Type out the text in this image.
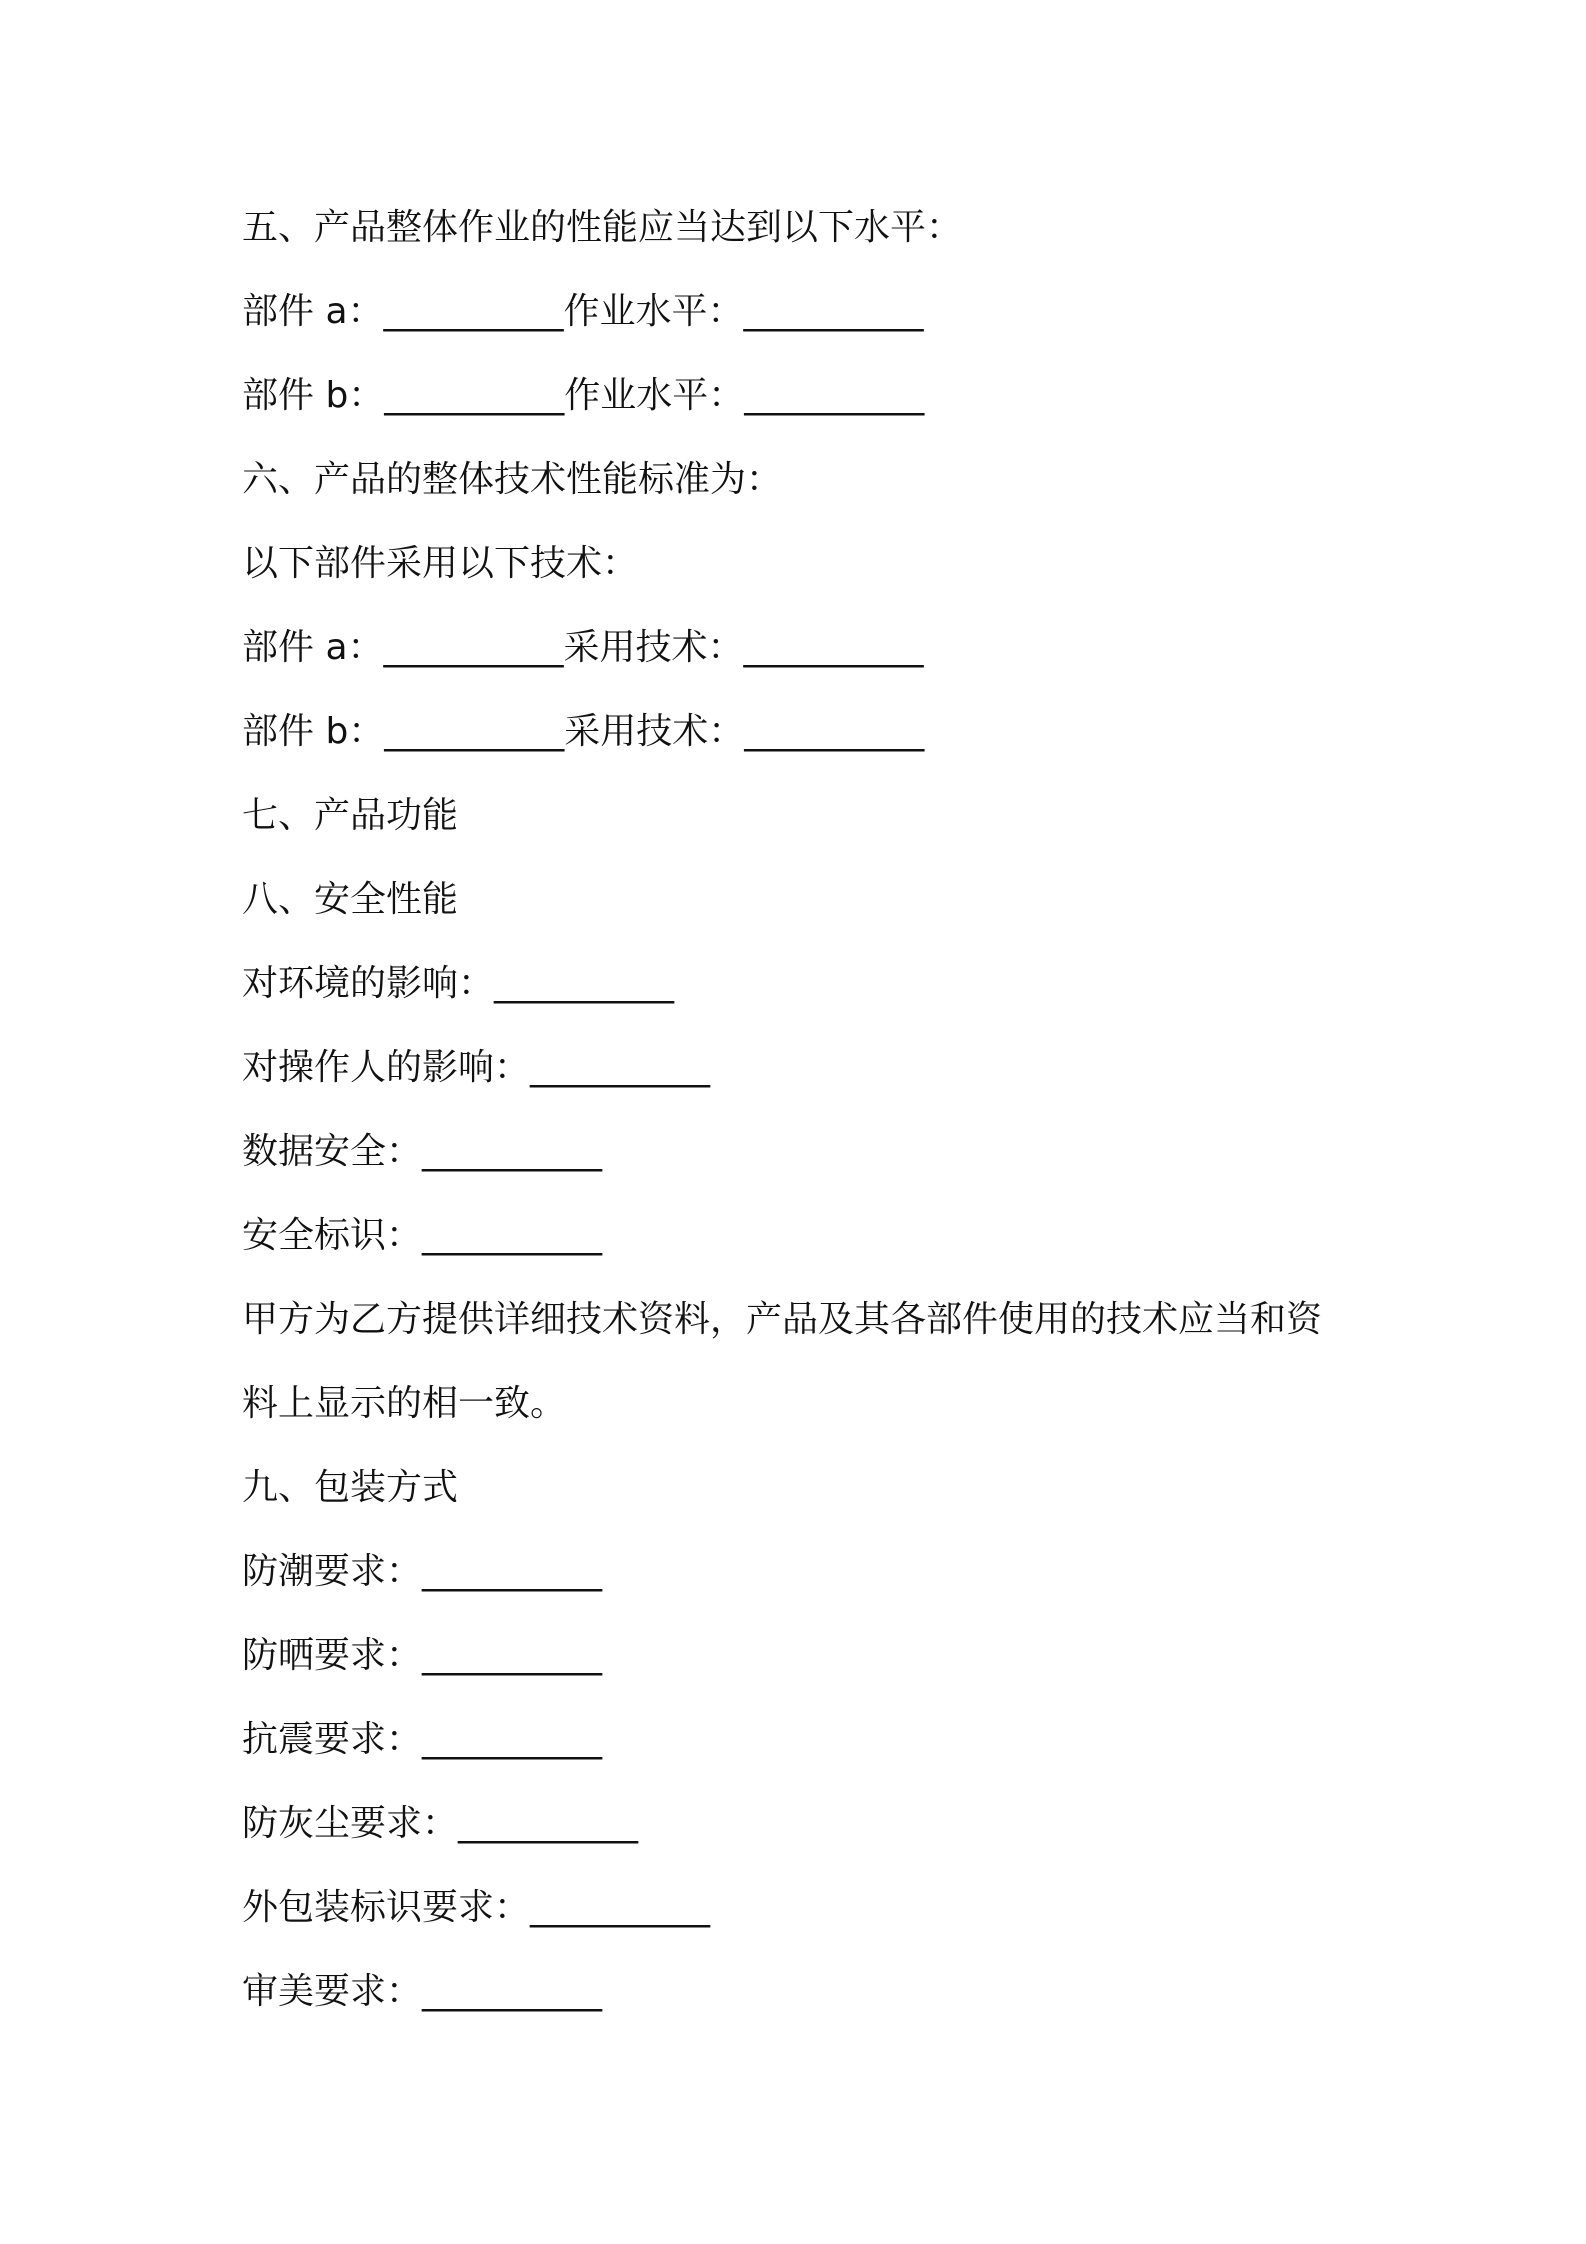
五、产品整体作业的性能应当达到以下水平：
部件 a：__________作业水平：__________
部件 b：__________作业水平：__________
六、产品的整体技术性能标准为：
以下部件采用以下技术：
部件 a：__________采用技术：__________
部件 b：__________采用技术：__________
七、产品功能
八、安全性能
对环境的影响：__________
对操作人的影响：__________
数据安全：__________
安全标识：__________
甲方为乙方提供详细技术资料，产品及其各部件使用的技术应当和资
料上显示的相一致。
九、包装方式
防潮要求：__________
防晒要求：__________
抗震要求：__________
防灰尘要求：__________
外包装标识要求：__________
审美要求：__________
